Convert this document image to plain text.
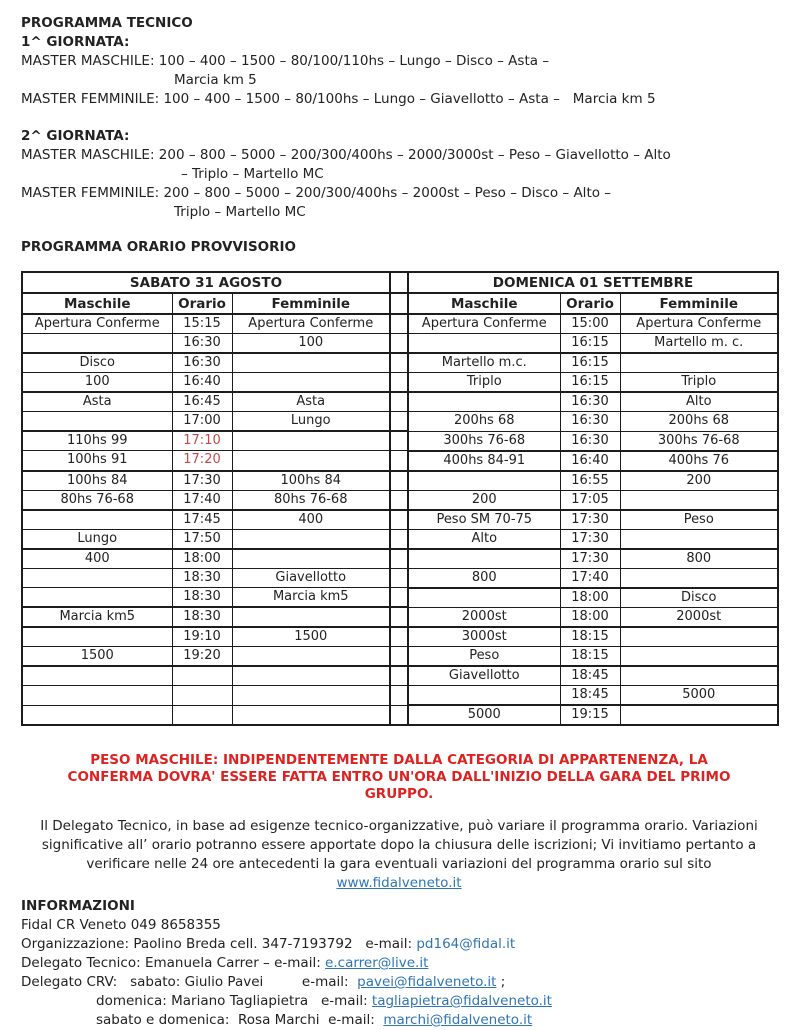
PROGRAMMA TECNICO
1^ GIORNATA:
MASTER MASCHILE: 100 – 400 – 1500 – 80/100/110hs – Lungo – Disco – Asta –
Marcia km 5
MASTER FEMMINILE: 100 – 400 – 1500 – 80/100hs – Lungo – Giavellotto – Asta –   Marcia km 5
2^ GIORNATA:
MASTER MASCHILE: 200 – 800 – 5000 – 200/300/400hs – 2000/3000st – Peso – Giavellotto – Alto
– Triplo – Martello MC
MASTER FEMMINILE: 200 – 800 – 5000 – 200/300/400hs – 2000st – Peso – Disco – Alto –
Triplo – Martello MC
PROGRAMMA ORARIO PROVVISORIO
SABATO 31 AGOSTO				DOMENICA 01 SETTEMBRE		
Maschile	Orario	Femminile		Maschile	Orario	Femminile
Apertura Conferme	15:15	Apertura Conferme		Apertura Conferme	15:00	Apertura Conferme
	16:30	100			16:15	Martello m. c.
Disco	16:30			Martello m.c.	16:15	
100	16:40			Triplo	16:15	Triplo
Asta	16:45	Asta			16:30	Alto
	17:00	Lungo		200hs 68	16:30	200hs 68
110hs 99	17:10			300hs 76-68	16:30	300hs 76-68
100hs 91	17:20			400hs 84-91	16:40	400hs 76
100hs 84	17:30	100hs 84			16:55	200
80hs 76-68	17:40	80hs 76-68		200	17:05	
	17:45	400		Peso SM 70-75	17:30	Peso
Lungo	17:50			Alto	17:30	
400	18:00				17:30	800
	18:30	Giavellotto		800	17:40	
	18:30	Marcia km5			18:00	Disco
Marcia km5	18:30			2000st	18:00	2000st
	19:10	1500		3000st	18:15	
1500	19:20			Peso	18:15	
				Giavellotto	18:45	
					18:45	5000
				5000	19:15	
PESO MASCHILE: INDIPENDENTEMENTE DALLA CATEGORIA DI APPARTENENZA, LA CONFERMA DOVRA' ESSERE FATTA ENTRO UN'ORA DALL'INIZIO DELLA GARA DEL PRIMO GRUPPO.
Il Delegato Tecnico, in base ad esigenze tecnico-organizzative, può variare il programma orario. Variazioni significative all’ orario potranno essere apportate dopo la chiusura delle iscrizioni; Vi invitiamo pertanto a verificare nelle 24 ore antecedenti la gara eventuali variazioni del programma orario sul sito www.fidalveneto.it
INFORMAZIONI
Fidal CR Veneto 049 8658355
Organizzazione: Paolino Breda cell. 347-7193792   e-mail: pd164@fidal.it
Delegato Tecnico: Emanuela Carrer – e-mail: e.carrer@live.it
Delegato CRV:   sabato: Giulio Pavei         e-mail:  pavei@fidalveneto.it ;
domenica: Mariano Tagliapietra   e-mail: tagliapietra@fidalveneto.it
sabato e domenica:  Rosa Marchi  e-mail:  marchi@fidalveneto.it
